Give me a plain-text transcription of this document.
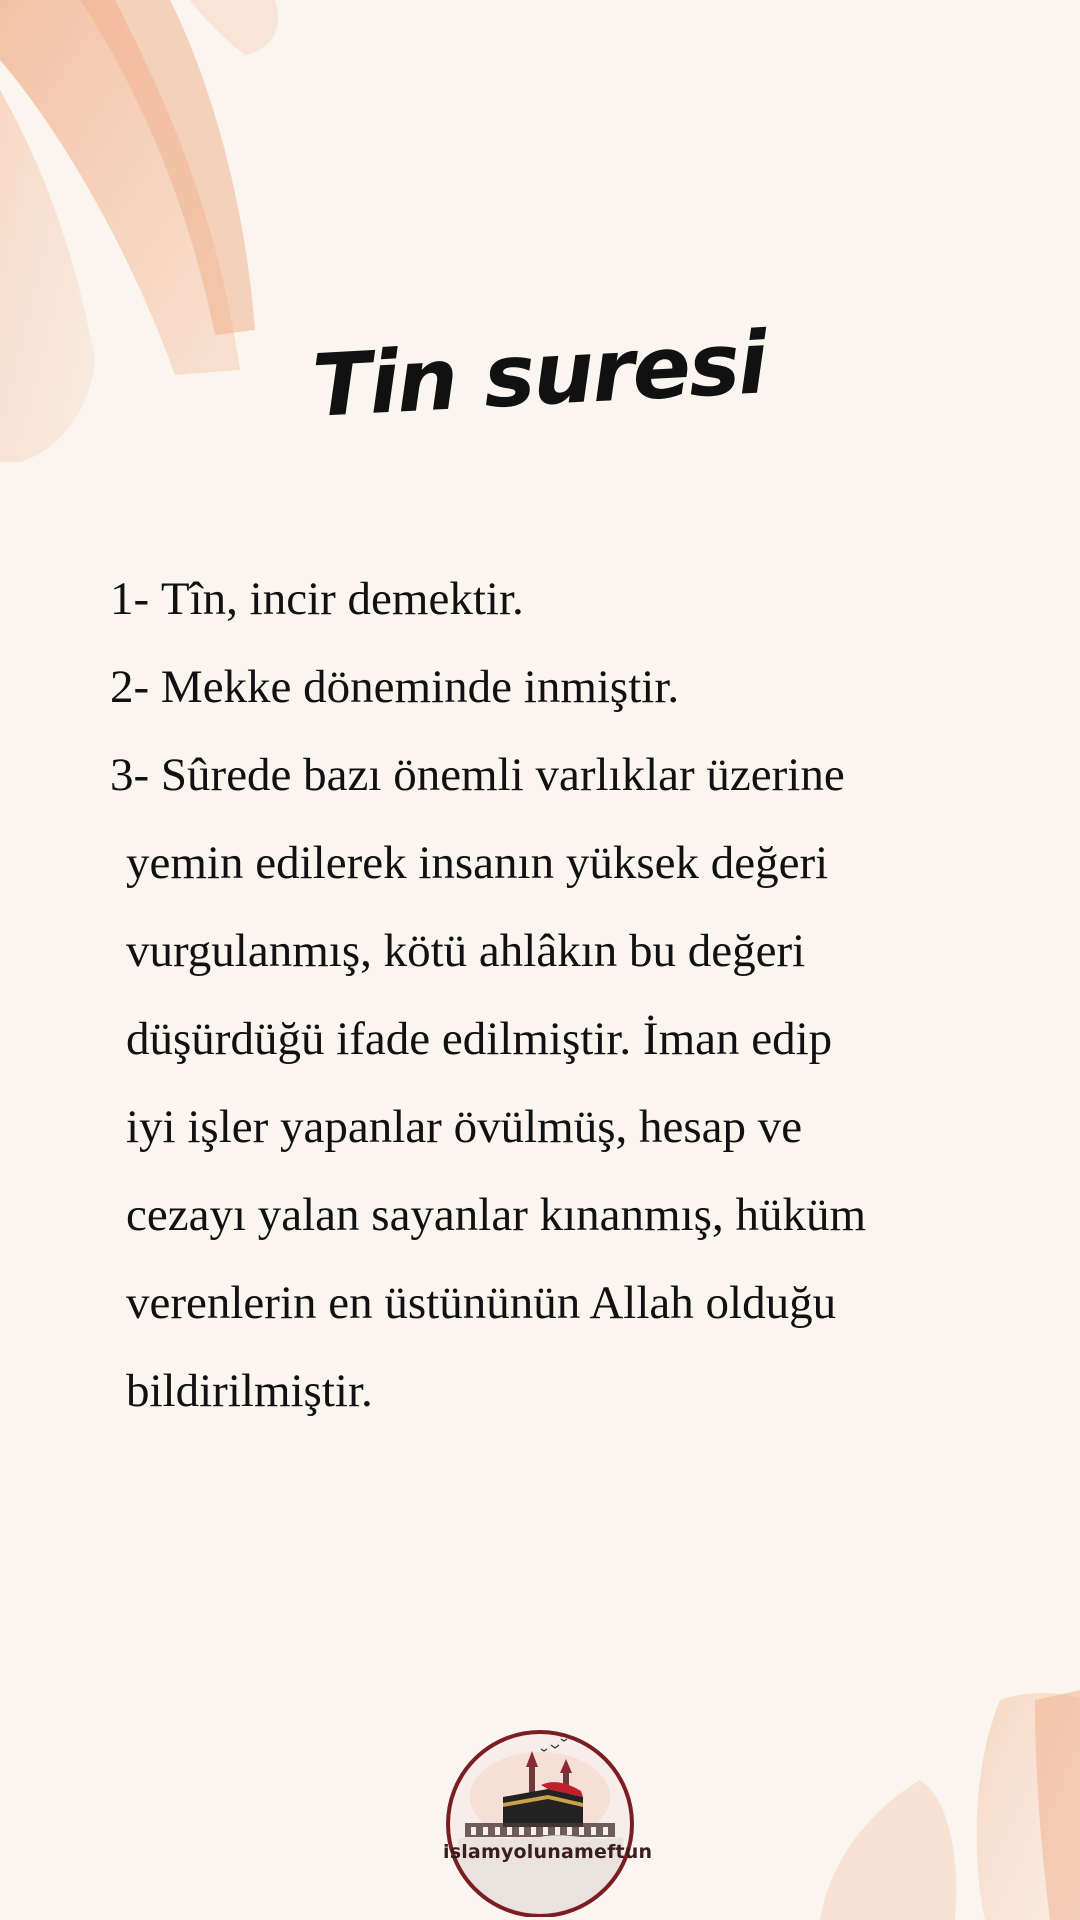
Tin suresi

1- Tîn, incir demektir.

2- Mekke döneminde inmiştir.

3- Sûrede bazı önemli varlıklar üzerine
yemin edilerek insanın yüksek değeri
vurgulanmış, kötü ahlâkın bu değeri
düşürdüğü ifade edilmiştir. İman edip
iyi işler yapanlar övülmüş, hesap ve
cezayı yalan sayanlar kınanmış, hüküm
verenlerin en üstününün Allah olduğu
bildirilmiştir.
islamyolunameftun
